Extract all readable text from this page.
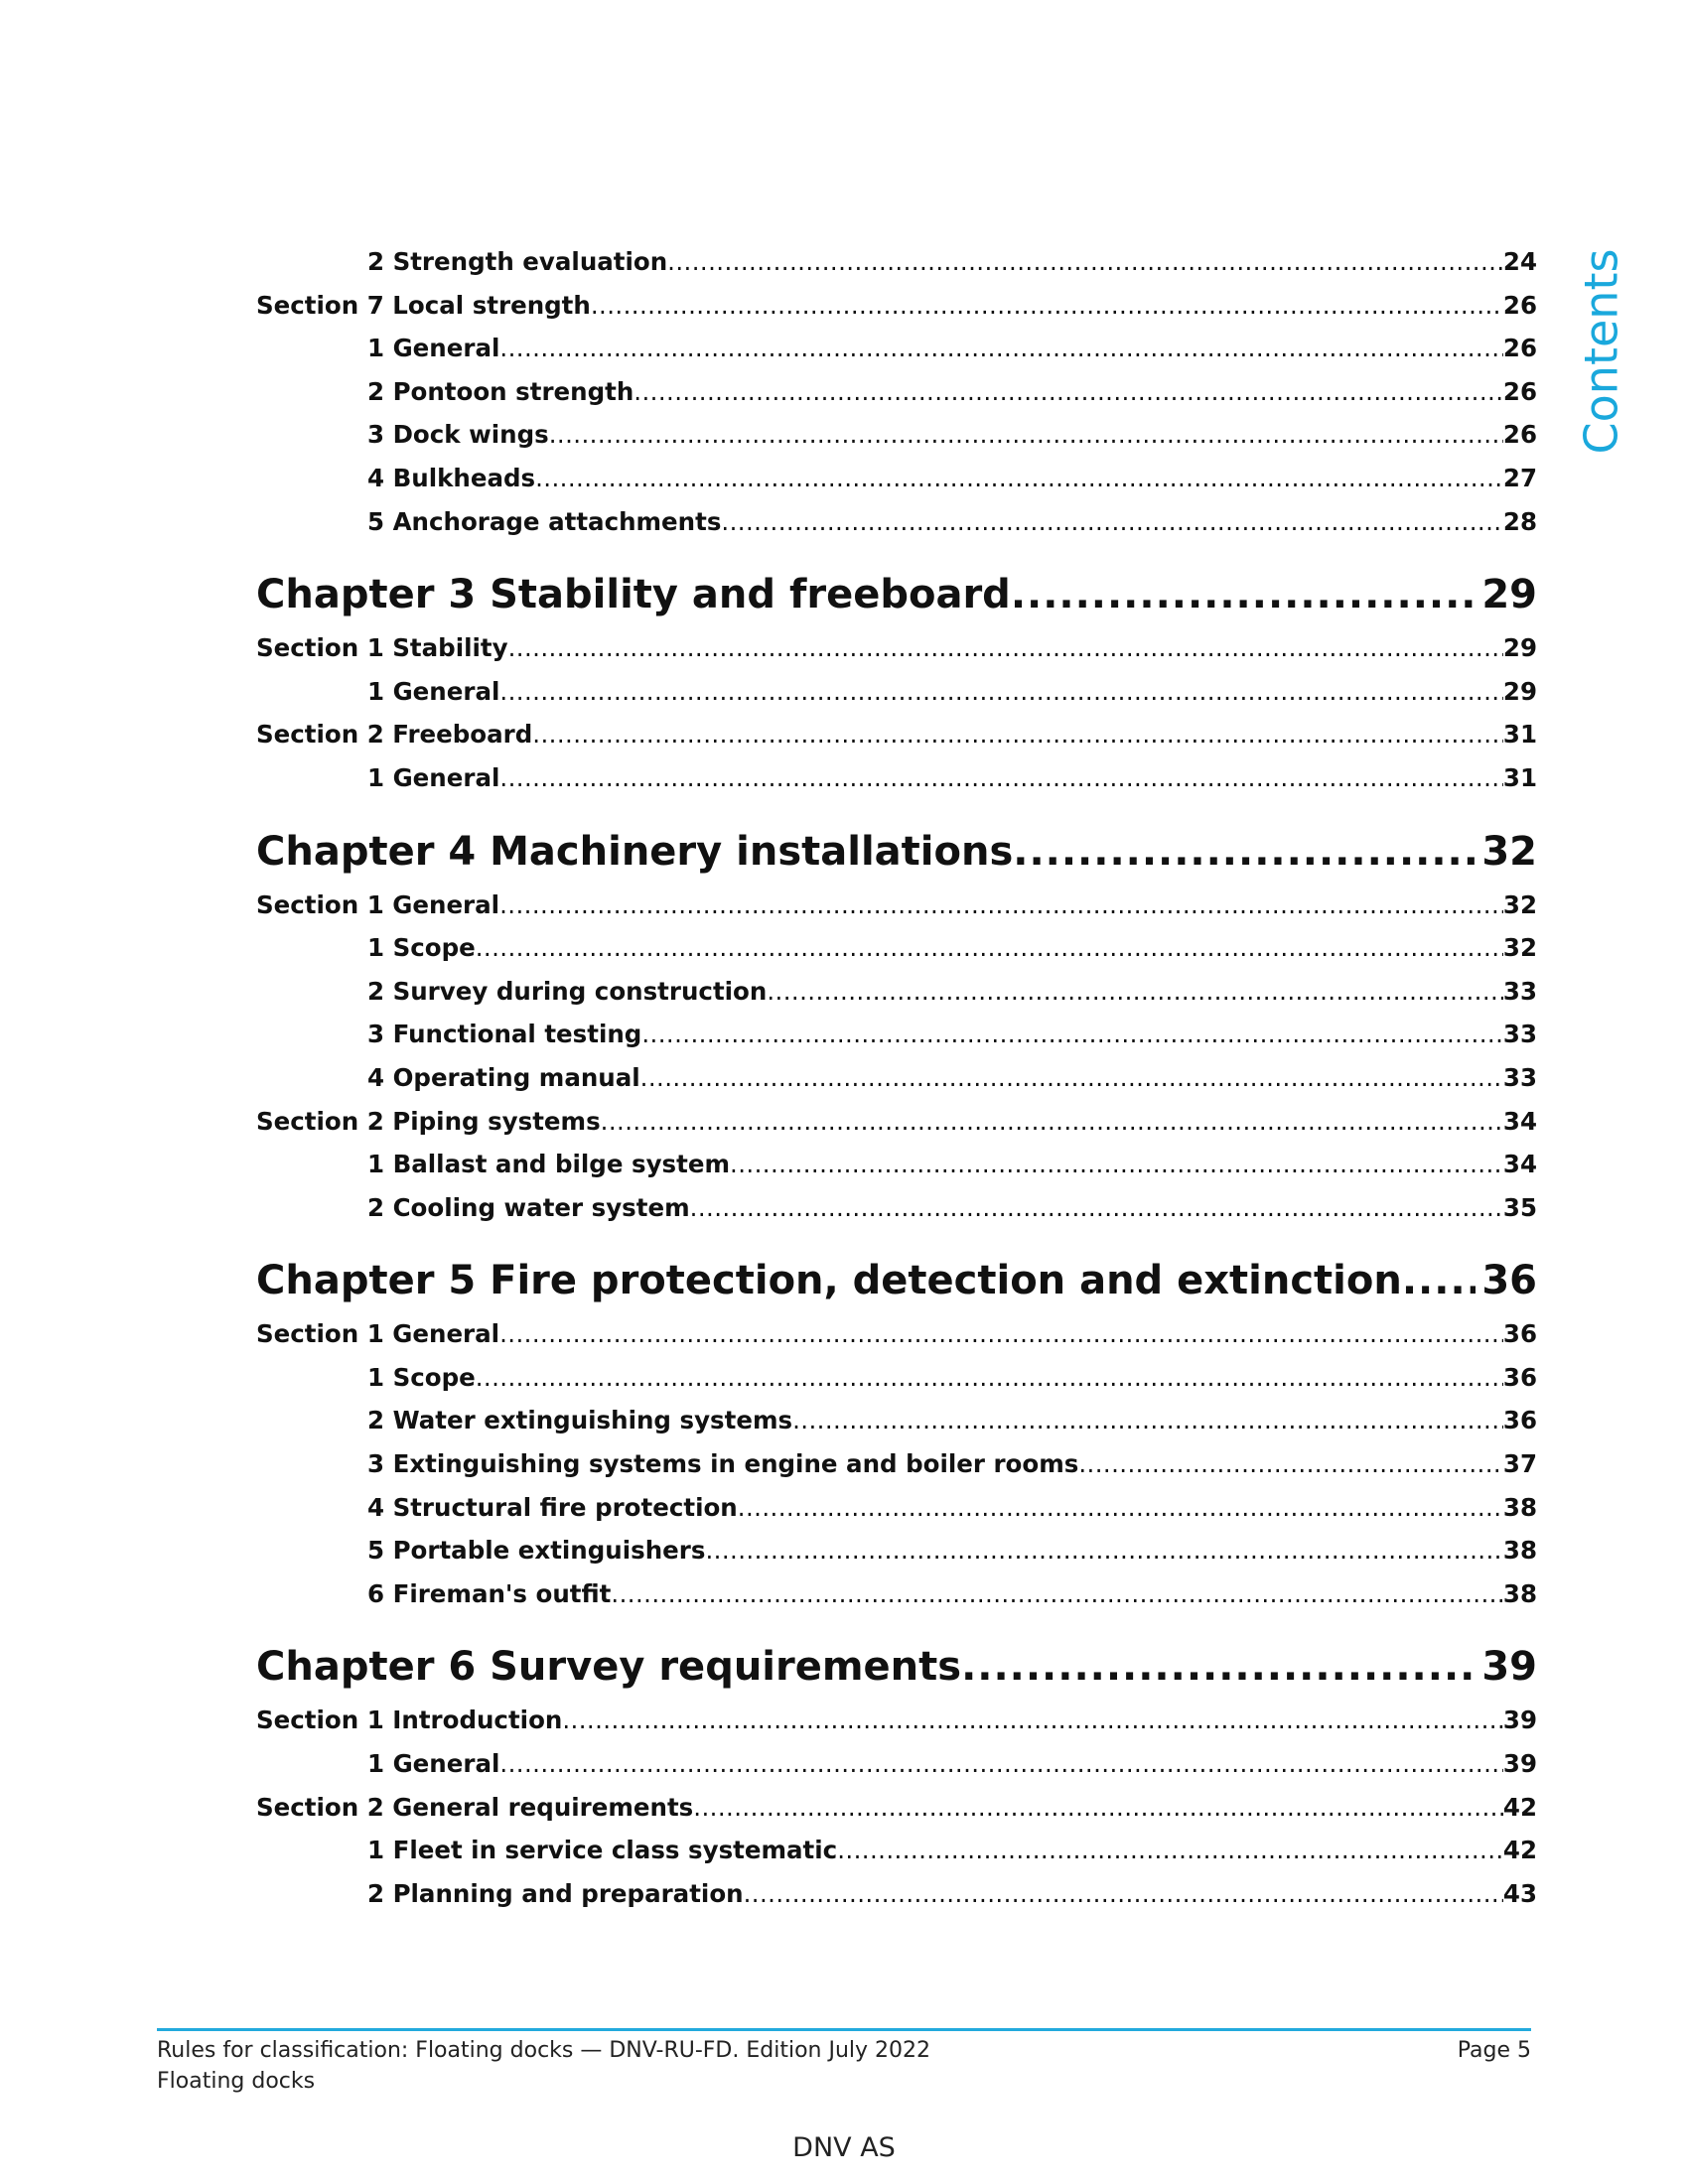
Contents
2 Strength evaluation .....	24
Section 7 Local strength .....	26
1 General .....	26
2 Pontoon strength .....	26
3 Dock wings .....	26
4 Bulkheads .....	27
5 Anchorage attachments .....	28
Chapter 3 Stability and freeboard .....	29
Section 1 Stability .....	29
1 General .....	29
Section 2 Freeboard .....	31
1 General .....	31
Chapter 4 Machinery installations .....	32
Section 1 General .....	32
1 Scope .....	32
2 Survey during construction .....	33
3 Functional testing .....	33
4 Operating manual .....	33
Section 2 Piping systems .....	34
1 Ballast and bilge system .....	34
2 Cooling water system .....	35
Chapter 5 Fire protection, detection and extinction ..... 36
Section 1 General .....	36
1 Scope .....	36
2 Water extinguishing systems .....	36
3 Extinguishing systems in engine and boiler rooms .....	37
4 Structural fire protection .....	38
5 Portable extinguishers .....	38
6 Fireman's outfit .....	38
Chapter 6 Survey requirements .....	39
Section 1 Introduction .....	39
1 General .....	39
Section 2 General requirements .....	42
1 Fleet in service class systematic .....	42
2 Planning and preparation .....	43
Rules for classification: Floating docks — DNV-RU-FD. Edition July 2022	Page 5
Floating docks
DNV AS
